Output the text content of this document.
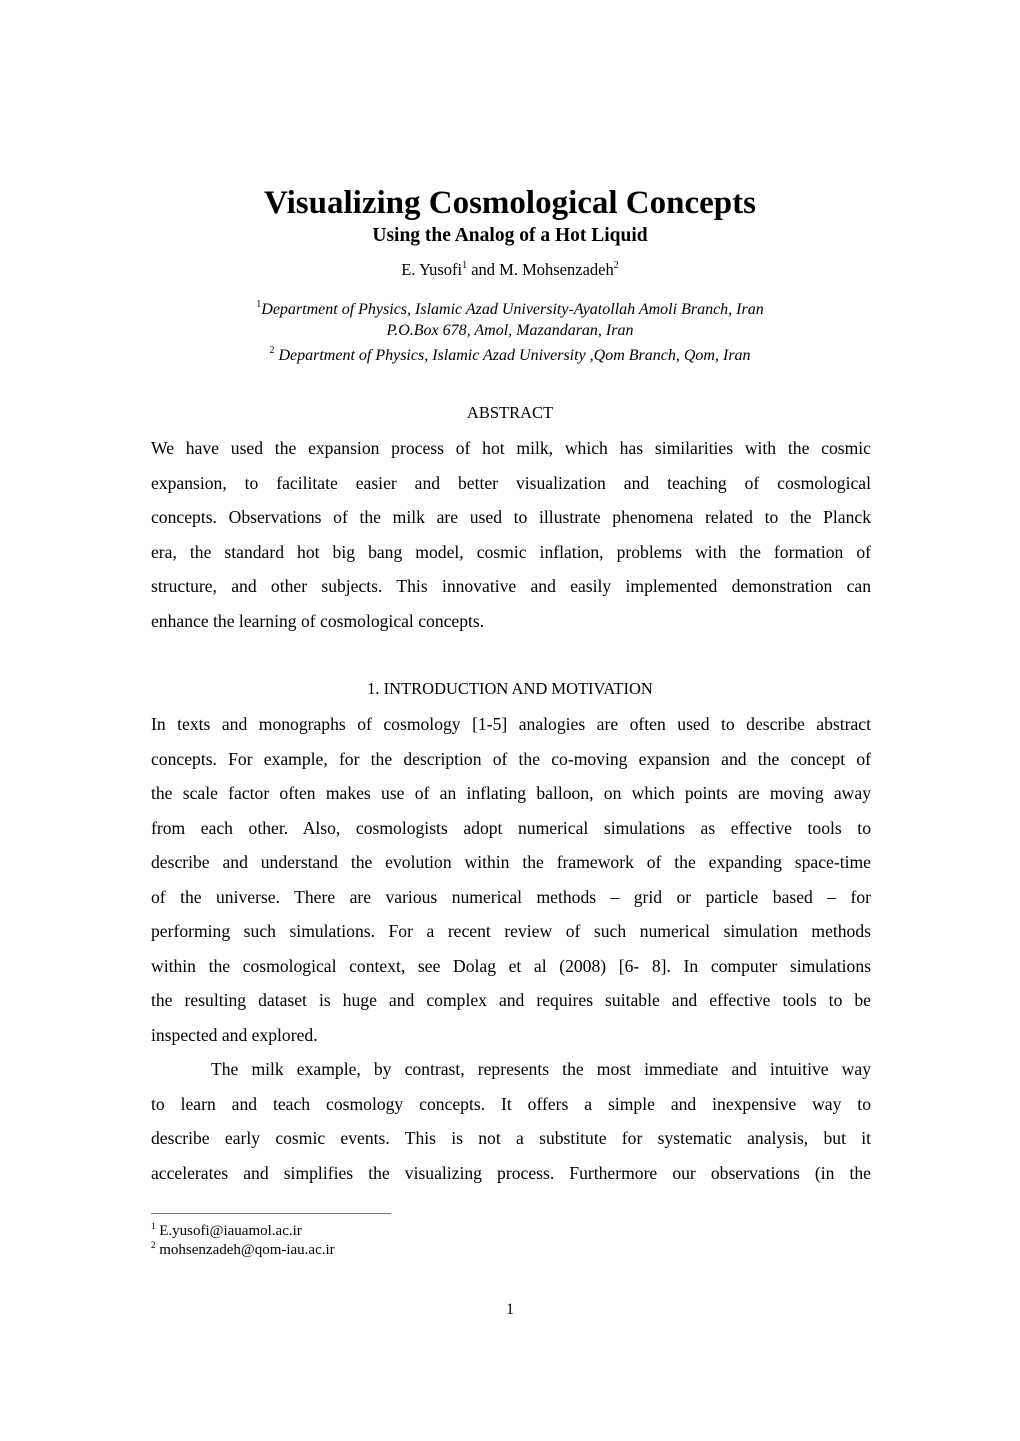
Visualizing Cosmological Concepts
Using the Analog of a Hot Liquid
E. Yusofi$^1$ and M. Mohsenzadeh$^2$
$^1$Department of Physics, Islamic Azad University-Ayatollah Amoli Branch, Iran
P.O.Box 678, Amol, Mazandaran, Iran
$^2$ Department of Physics, Islamic Azad University ,Qom Branch, Qom, Iran
ABSTRACT
We have used the expansion process of hot milk, which has similarities with the cosmic
expansion, to facilitate easier and better visualization and teaching of cosmological
concepts. Observations of the milk are used to illustrate phenomena related to the Planck
era, the standard hot big bang model, cosmic inflation, problems with the formation of
structure, and other subjects. This innovative and easily implemented demonstration can
enhance the learning of cosmological concepts.
1. INTRODUCTION AND MOTIVATION
In texts and monographs of cosmology [1-5] analogies are often used to describe abstract
concepts. For example, for the description of the co-moving expansion and the concept of
the scale factor often makes use of an inflating balloon, on which points are moving away
from each other. Also, cosmologists adopt numerical simulations as effective tools to
describe and understand the evolution within the framework of the expanding space-time
of the universe. There are various numerical methods – grid or particle based – for
performing such simulations. For a recent review of such numerical simulation methods
within the cosmological context, see Dolag et al (2008) [6- 8]. In computer simulations
the resulting dataset is huge and complex and requires suitable and effective tools to be
inspected and explored.
The milk example, by contrast, represents the most immediate and intuitive way
to learn and teach cosmology concepts. It offers a simple and inexpensive way to
describe early cosmic events. This is not a substitute for systematic analysis, but it
accelerates and simplifies the visualizing process. Furthermore our observations (in the
$^1$ E.yusofi@iauamol.ac.ir
$^2$ mohsenzadeh@qom-iau.ac.ir
1
